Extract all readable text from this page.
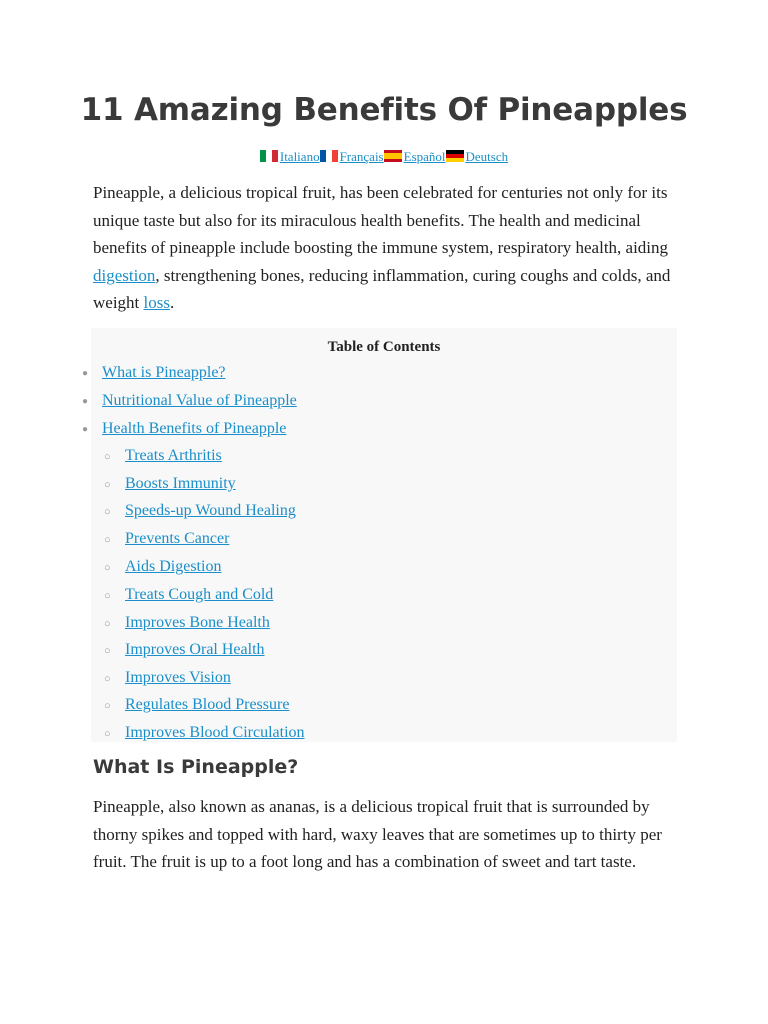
11 Amazing Benefits Of Pineapples
Italiano Français Español Deutsch

Pineapple, a delicious tropical fruit, has been celebrated for centuries not only for its unique taste but also for its miraculous health benefits. The health and medicinal benefits of pineapple include boosting the immune system, respiratory health, aiding digestion, strengthening bones, reducing inflammation, curing coughs and colds, and weight loss.

Table of Contents
● What is Pineapple?
● Nutritional Value of Pineapple
● Health Benefits of Pineapple
○ Treats Arthritis
○ Boosts Immunity
○ Speeds-up Wound Healing
○ Prevents Cancer
○ Aids Digestion
○ Treats Cough and Cold
○ Improves Bone Health
○ Improves Oral Health
○ Improves Vision
○ Regulates Blood Pressure
○ Improves Blood Circulation
What Is Pineapple?

Pineapple, also known as ananas, is a delicious tropical fruit that is surrounded by thorny spikes and topped with hard, waxy leaves that are sometimes up to thirty per fruit. The fruit is up to a foot long and has a combination of sweet and tart taste.
